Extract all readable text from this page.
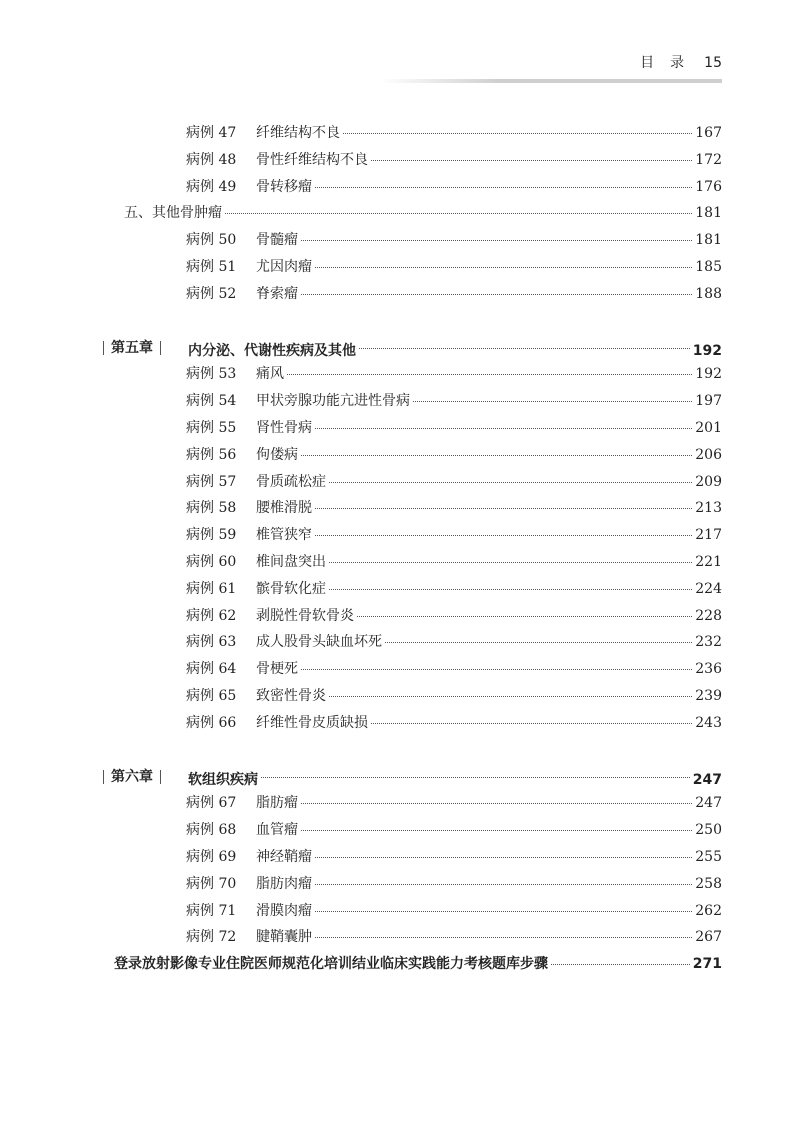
目录 15
病例 47	纤维结构不良	167
病例 48	骨性纤维结构不良	172
病例 49	骨转移瘤	176
五、其他骨肿瘤	181
病例 50	骨髓瘤	181
病例 51	尤因肉瘤	185
病例 52	脊索瘤	188
第五章	内分泌、代谢性疾病及其他	192
病例 53	痛风	192
病例 54	甲状旁腺功能亢进性骨病	197
病例 55	肾性骨病	201
病例 56	佝偻病	206
病例 57	骨质疏松症	209
病例 58	腰椎滑脱	213
病例 59	椎管狭窄	217
病例 60	椎间盘突出	221
病例 61	髌骨软化症	224
病例 62	剥脱性骨软骨炎	228
病例 63	成人股骨头缺血坏死	232
病例 64	骨梗死	236
病例 65	致密性骨炎	239
病例 66	纤维性骨皮质缺损	243
第六章	软组织疾病	247
病例 67	脂肪瘤	247
病例 68	血管瘤	250
病例 69	神经鞘瘤	255
病例 70	脂肪肉瘤	258
病例 71	滑膜肉瘤	262
病例 72	腱鞘囊肿	267
登录放射影像专业住院医师规范化培训结业临床实践能力考核题库步骤	271
